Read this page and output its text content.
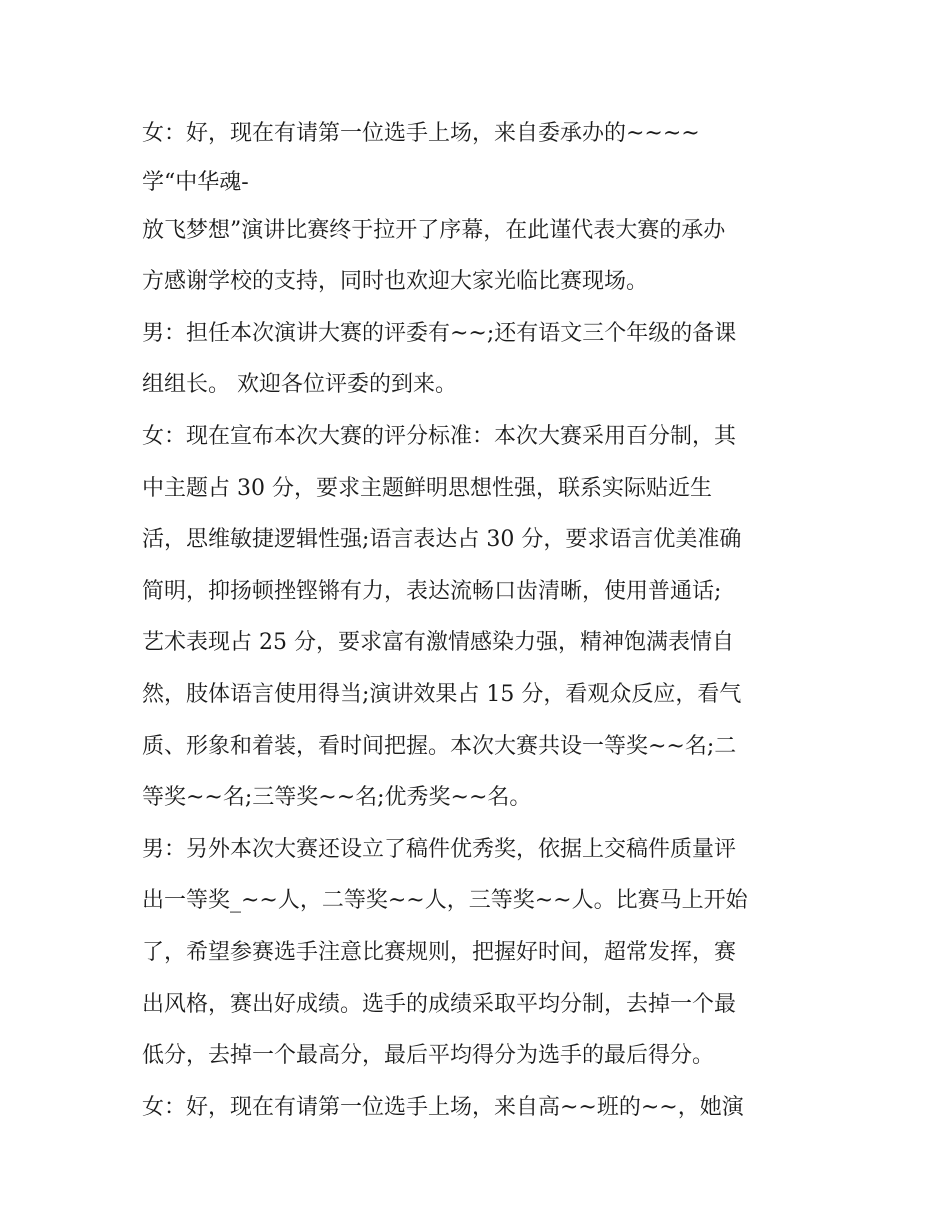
女：好，现在有请第一位选手上场，来自委承办的~~~~
学“中华魂-
放飞梦想”演讲比赛终于拉开了序幕，在此谨代表大赛的承办
方感谢学校的支持，同时也欢迎大家光临比赛现场。
男：担任本次演讲大赛的评委有~~;还有语文三个年级的备课
组组长。 欢迎各位评委的到来。
女：现在宣布本次大赛的评分标准：本次大赛采用百分制，其
中主题占 30 分，要求主题鲜明思想性强，联系实际贴近生
活，思维敏捷逻辑性强;语言表达占 30 分，要求语言优美准确
简明，抑扬顿挫铿锵有力，表达流畅口齿清晰，使用普通话;
艺术表现占 25 分，要求富有激情感染力强，精神饱满表情自
然，肢体语言使用得当;演讲效果占 15 分，看观众反应，看气
质、形象和着装，看时间把握。本次大赛共设一等奖~~名;二
等奖~~名;三等奖~~名;优秀奖~~名。
男：另外本次大赛还设立了稿件优秀奖，依据上交稿件质量评
出一等奖_~~人，二等奖~~人，三等奖~~人。比赛马上开始
了，希望参赛选手注意比赛规则，把握好时间，超常发挥，赛
出风格，赛出好成绩。选手的成绩采取平均分制，去掉一个最
低分，去掉一个最高分，最后平均得分为选手的最后得分。
女：好，现在有请第一位选手上场，来自高~~班的~~，她演
